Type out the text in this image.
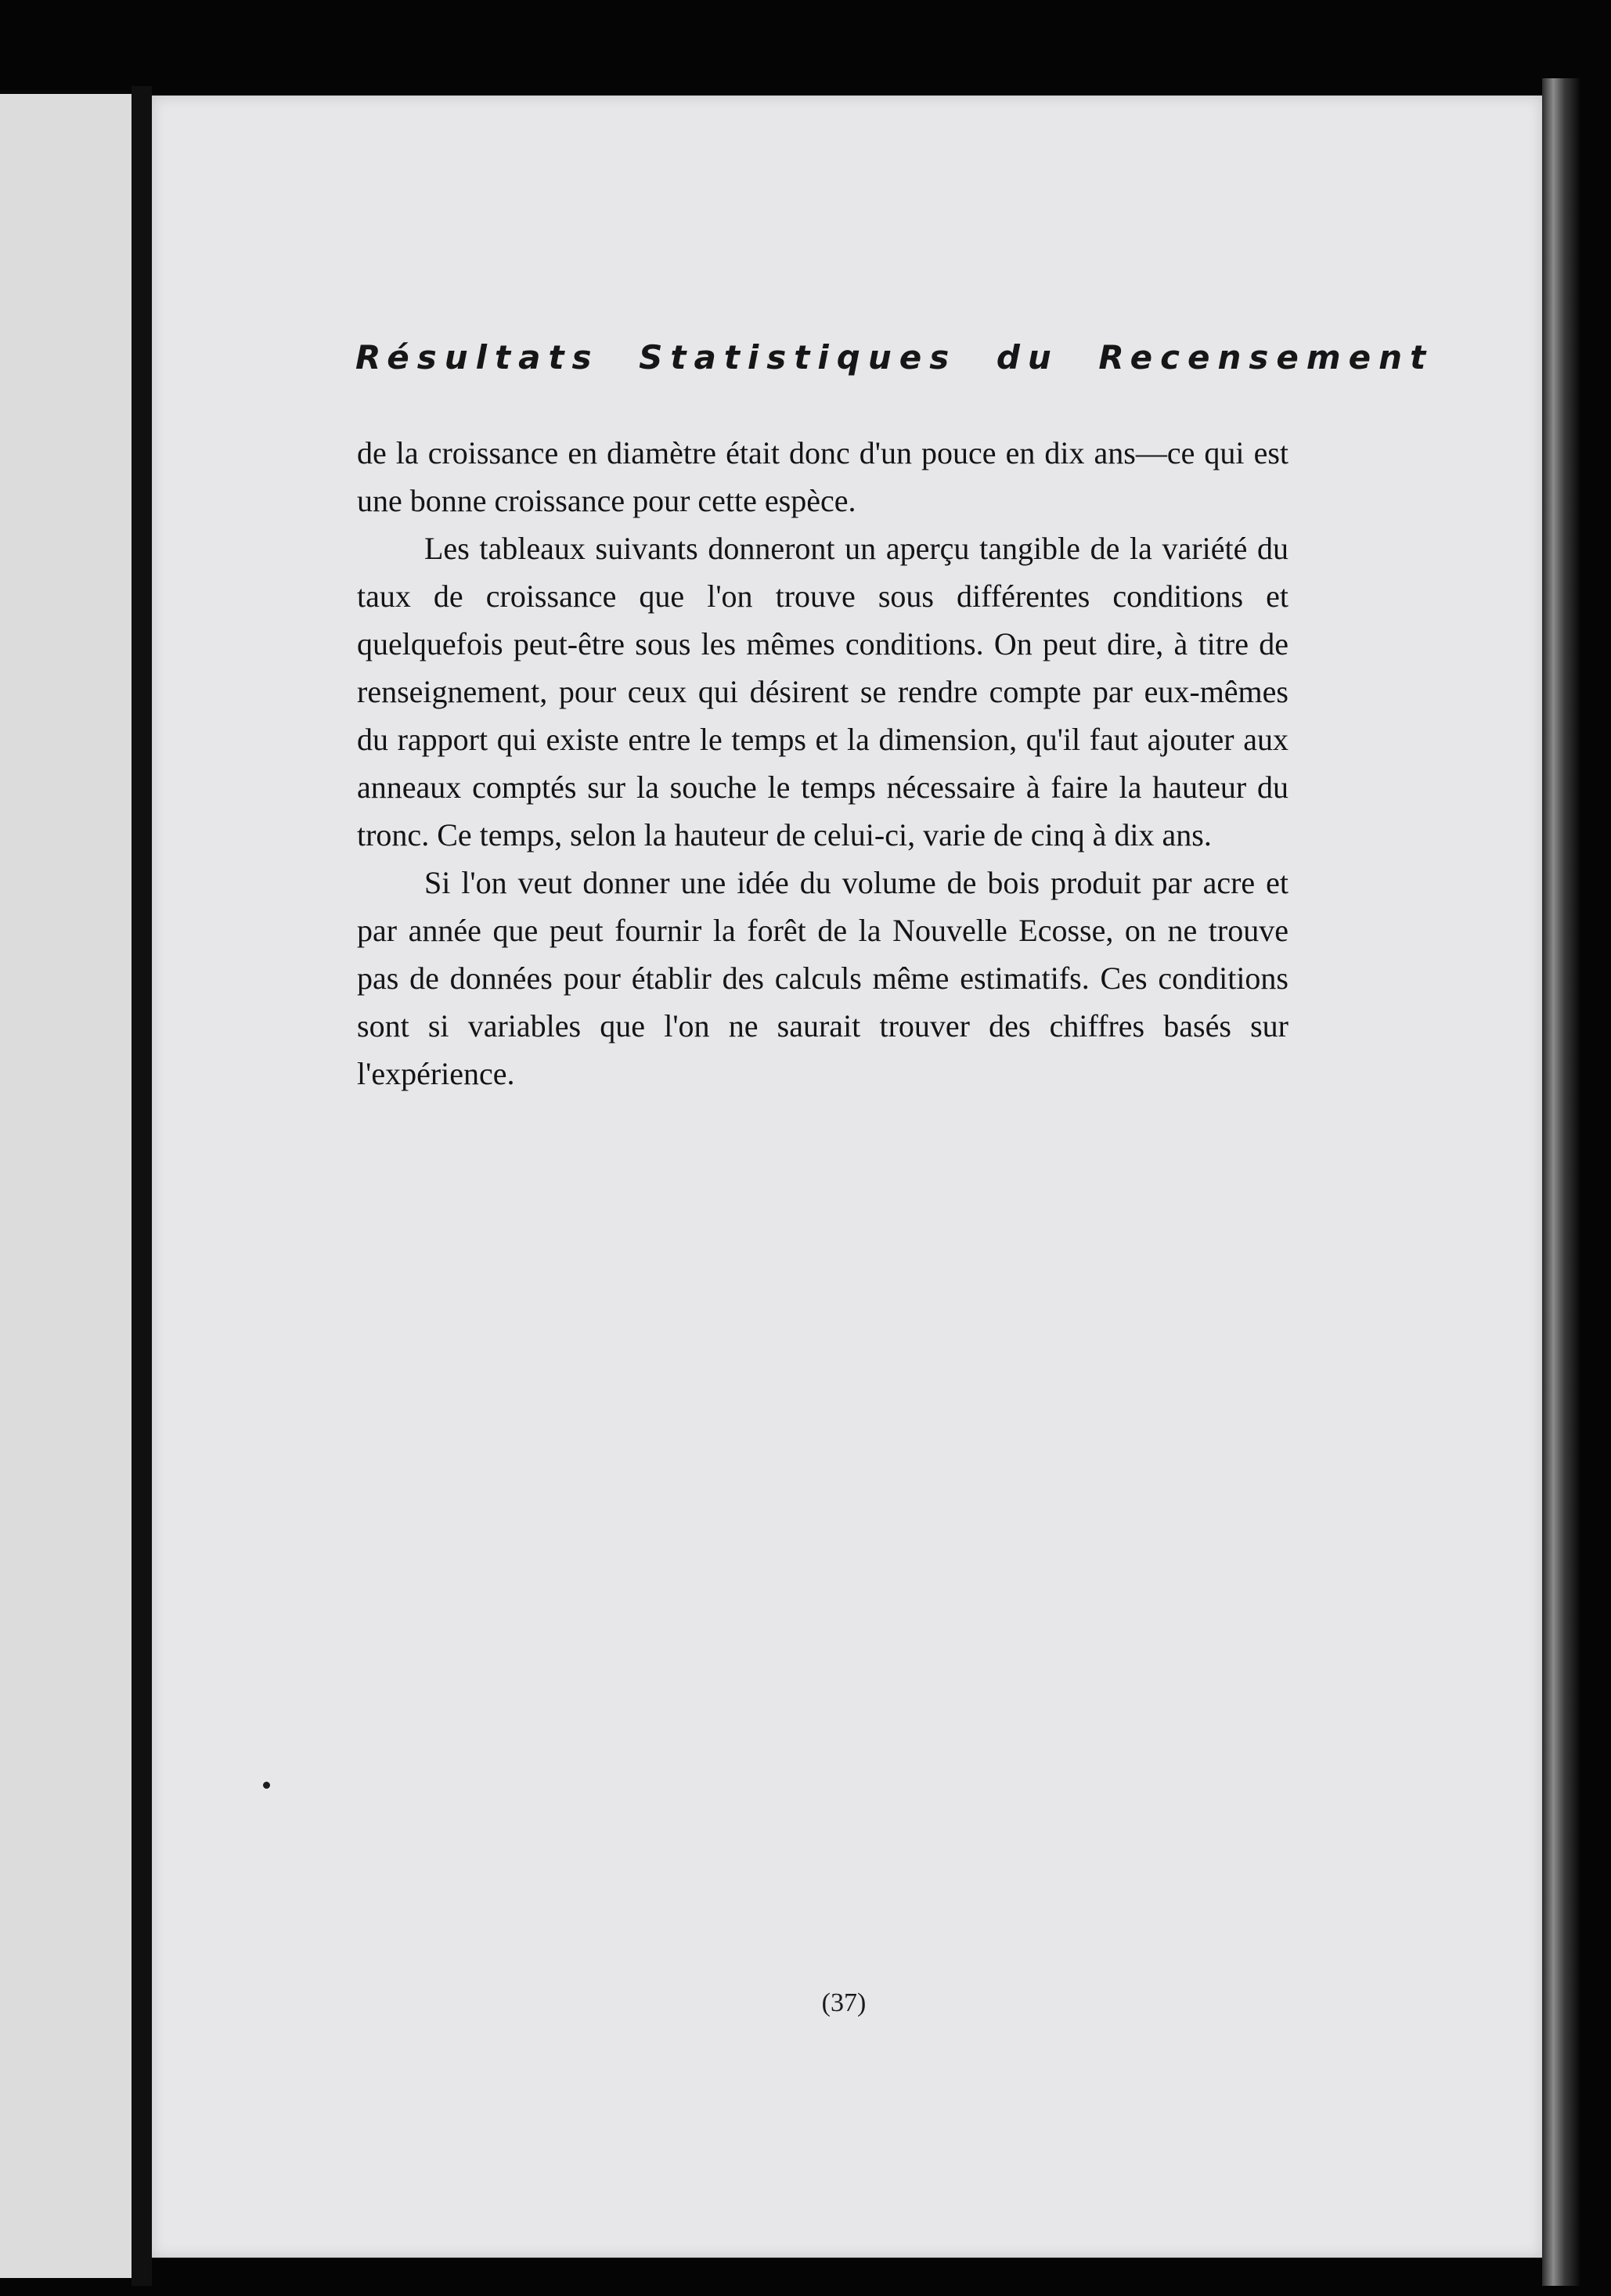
Résultats Statistiques du Recensement

de la croissance en diamètre était donc d'un pouce en dix ans—ce qui est une bonne croissance pour cette espèce.

Les tableaux suivants donneront un aperçu tangible de la variété du taux de croissance que l'on trouve sous différentes conditions et quelquefois peut-être sous les mêmes conditions. On peut dire, à titre de renseignement, pour ceux qui désirent se rendre compte par eux-mêmes du rapport qui existe entre le temps et la dimension, qu'il faut ajouter aux anneaux comptés sur la souche le temps nécessaire à faire la hauteur du tronc. Ce temps, selon la hauteur de celui-ci, varie de cinq à dix ans.

Si l'on veut donner une idée du volume de bois produit par acre et par année que peut fournir la forêt de la Nouvelle Ecosse, on ne trouve pas de données pour établir des calculs même estimatifs. Ces conditions sont si variables que l'on ne saurait trouver des chiffres basés sur l'expérience.

(37)
